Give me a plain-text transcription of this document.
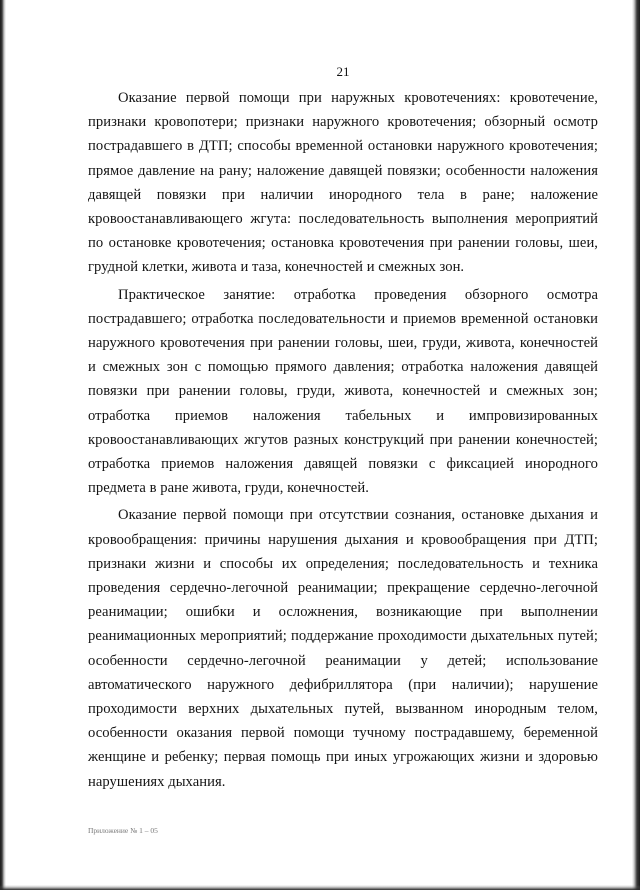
21

Оказание первой помощи при наружных кровотечениях: кровотечение, признаки кровопотери; признаки наружного кровотечения; обзорный осмотр пострадавшего в ДТП; способы временной остановки наружного кровотечения; прямое давление на рану; наложение давящей повязки; особенности наложения давящей повязки при наличии инородного тела в ране; наложение кровоостанавливающего жгута: последовательность выполнения мероприятий по остановке кровотечения; остановка кровотечения при ранении головы, шеи, грудной клетки, живота и таза, конечностей и смежных зон.

Практическое занятие: отработка проведения обзорного осмотра пострадавшего; отработка последовательности и приемов временной остановки наружного кровотечения при ранении головы, шеи, груди, живота, конечностей и смежных зон с помощью прямого давления; отработка наложения давящей повязки при ранении головы, груди, живота, конечностей и смежных зон; отработка приемов наложения табельных и импровизированных кровоостанавливающих жгутов разных конструкций при ранении конечностей; отработка приемов наложения давящей повязки с фиксацией инородного предмета в ране живота, груди, конечностей.

Оказание первой помощи при отсутствии сознания, остановке дыхания и кровообращения: причины нарушения дыхания и кровообращения при ДТП; признаки жизни и способы их определения; последовательность и техника проведения сердечно-легочной реанимации; прекращение сердечно-легочной реанимации; ошибки и осложнения, возникающие при выполнении реанимационных мероприятий; поддержание проходимости дыхательных путей; особенности сердечно-легочной реанимации у детей; использование автоматического наружного дефибриллятора (при наличии); нарушение проходимости верхних дыхательных путей, вызванном инородным телом, особенности оказания первой помощи тучному пострадавшему, беременной женщине и ребенку; первая помощь при иных угрожающих жизни и здоровью нарушениях дыхания.

Приложение № 1 – 05
